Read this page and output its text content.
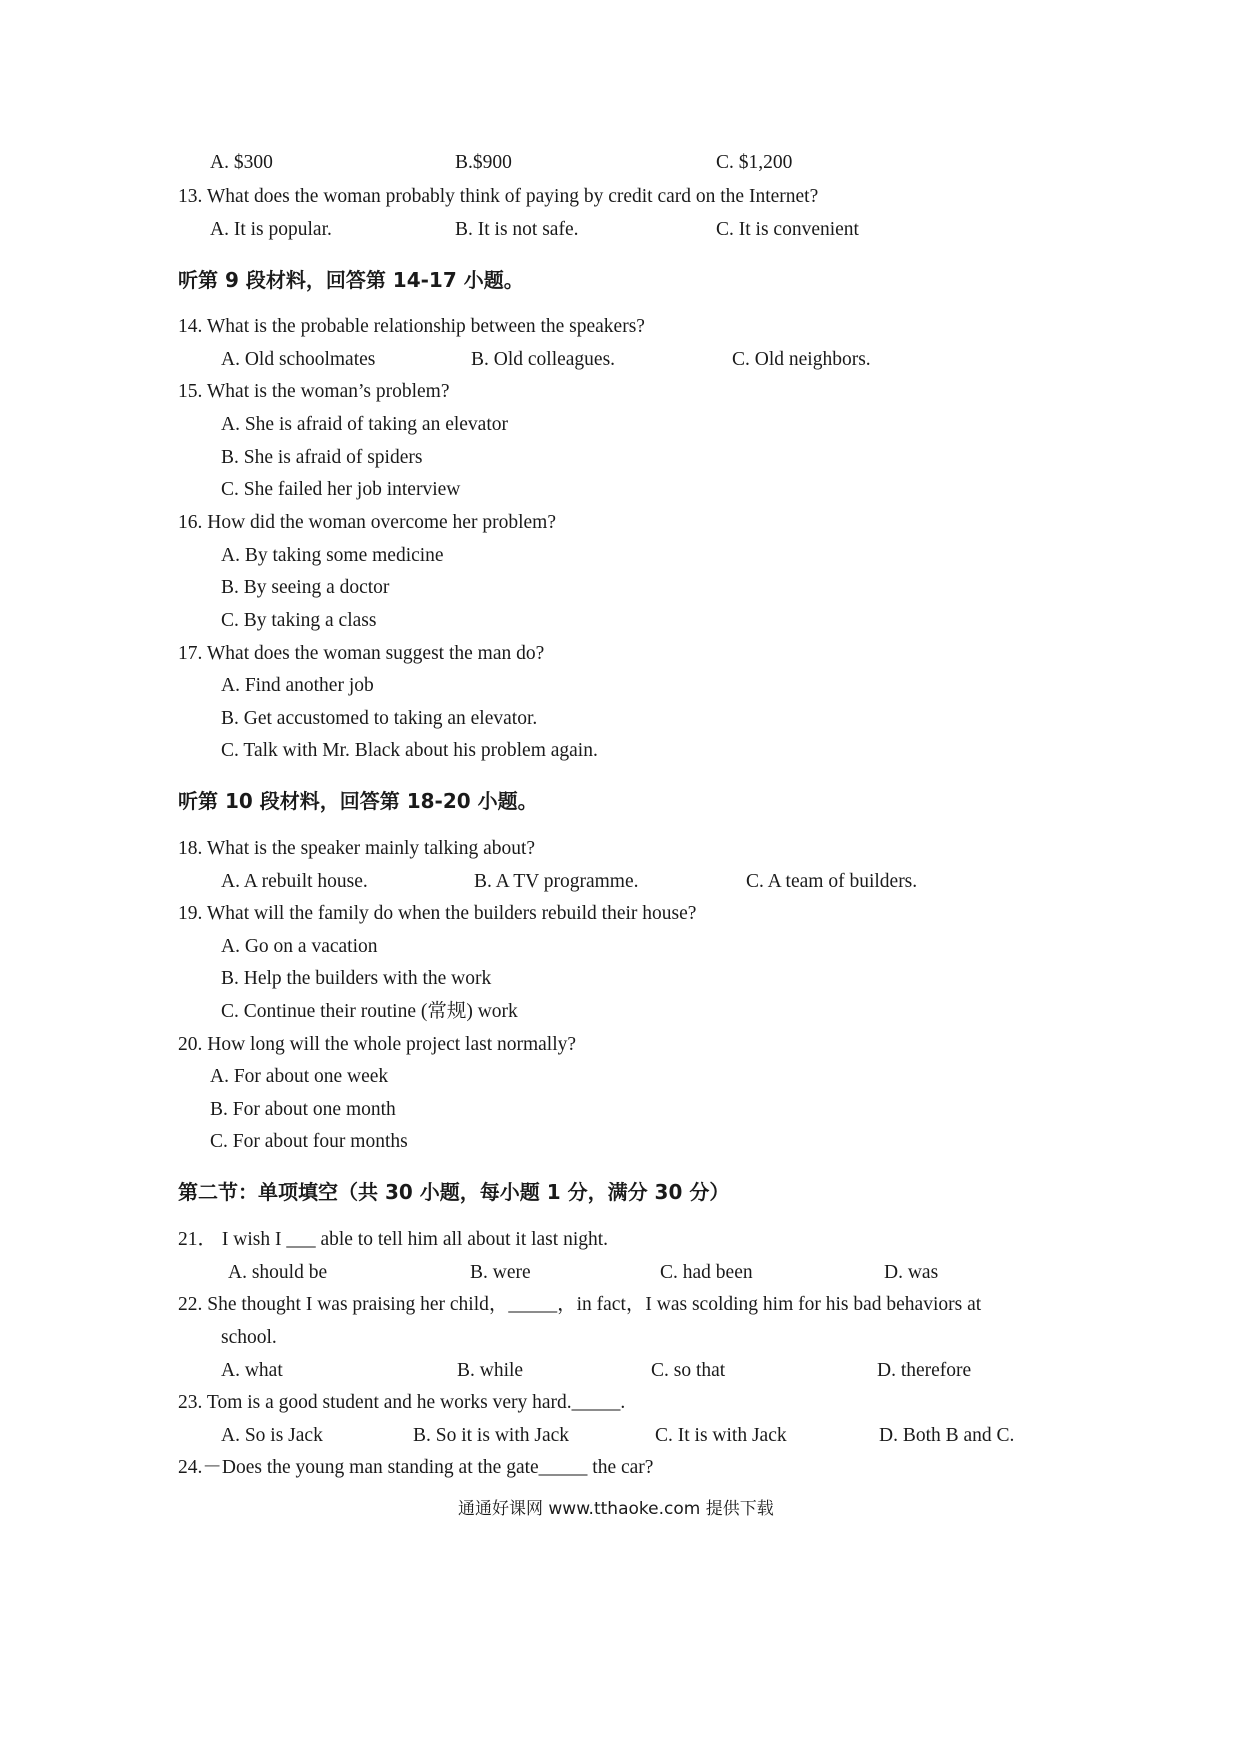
A. $300	B.$900	C. $1,200
13. What does the woman probably think of paying by credit card on the Internet?
A. It is popular.	B. It is not safe.	C. It is convenient
听第 9 段材料，回答第 14-17 小题。
14. What is the probable relationship between the speakers?
A. Old schoolmates	B. Old colleagues.	C. Old neighbors.
15. What is the woman’s problem?
A. She is afraid of taking an elevator
B. She is afraid of spiders
C. She failed her job interview
16. How did the woman overcome her problem?
A. By taking some medicine
B. By seeing a doctor
C. By taking a class
17. What does the woman suggest the man do?
A. Find another job
B. Get accustomed to taking an elevator.
C. Talk with Mr. Black about his problem again.
听第 10 段材料，回答第 18-20 小题。
18. What is the speaker mainly talking about?
A. A rebuilt house.	B. A TV programme.	C. A team of builders.
19. What will the family do when the builders rebuild their house?
A. Go on a vacation
B. Help the builders with the work
C. Continue their routine (常规) work
20. How long will the whole project last normally?
A. For about one week
B. For about one month
C. For about four months
第二节：单项填空（共 30 小题，每小题 1 分，满分 30 分）
21． I wish I ___ able to tell him all about it last night.
A. should be	B. were	C. had been	D. was
22. She thought I was praising her child，_____，in fact，I was scolding him for his bad behaviors at
school.
A. what	B. while	C. so that	D. therefore
23. Tom is a good student and he works very hard._____.
A. So is Jack	B. So it is with Jack	C. It is with Jack	D. Both B and C.
24.－Does the young man standing at the gate_____ the car?
通通好课网 www.tthaoke.com 提供下载
